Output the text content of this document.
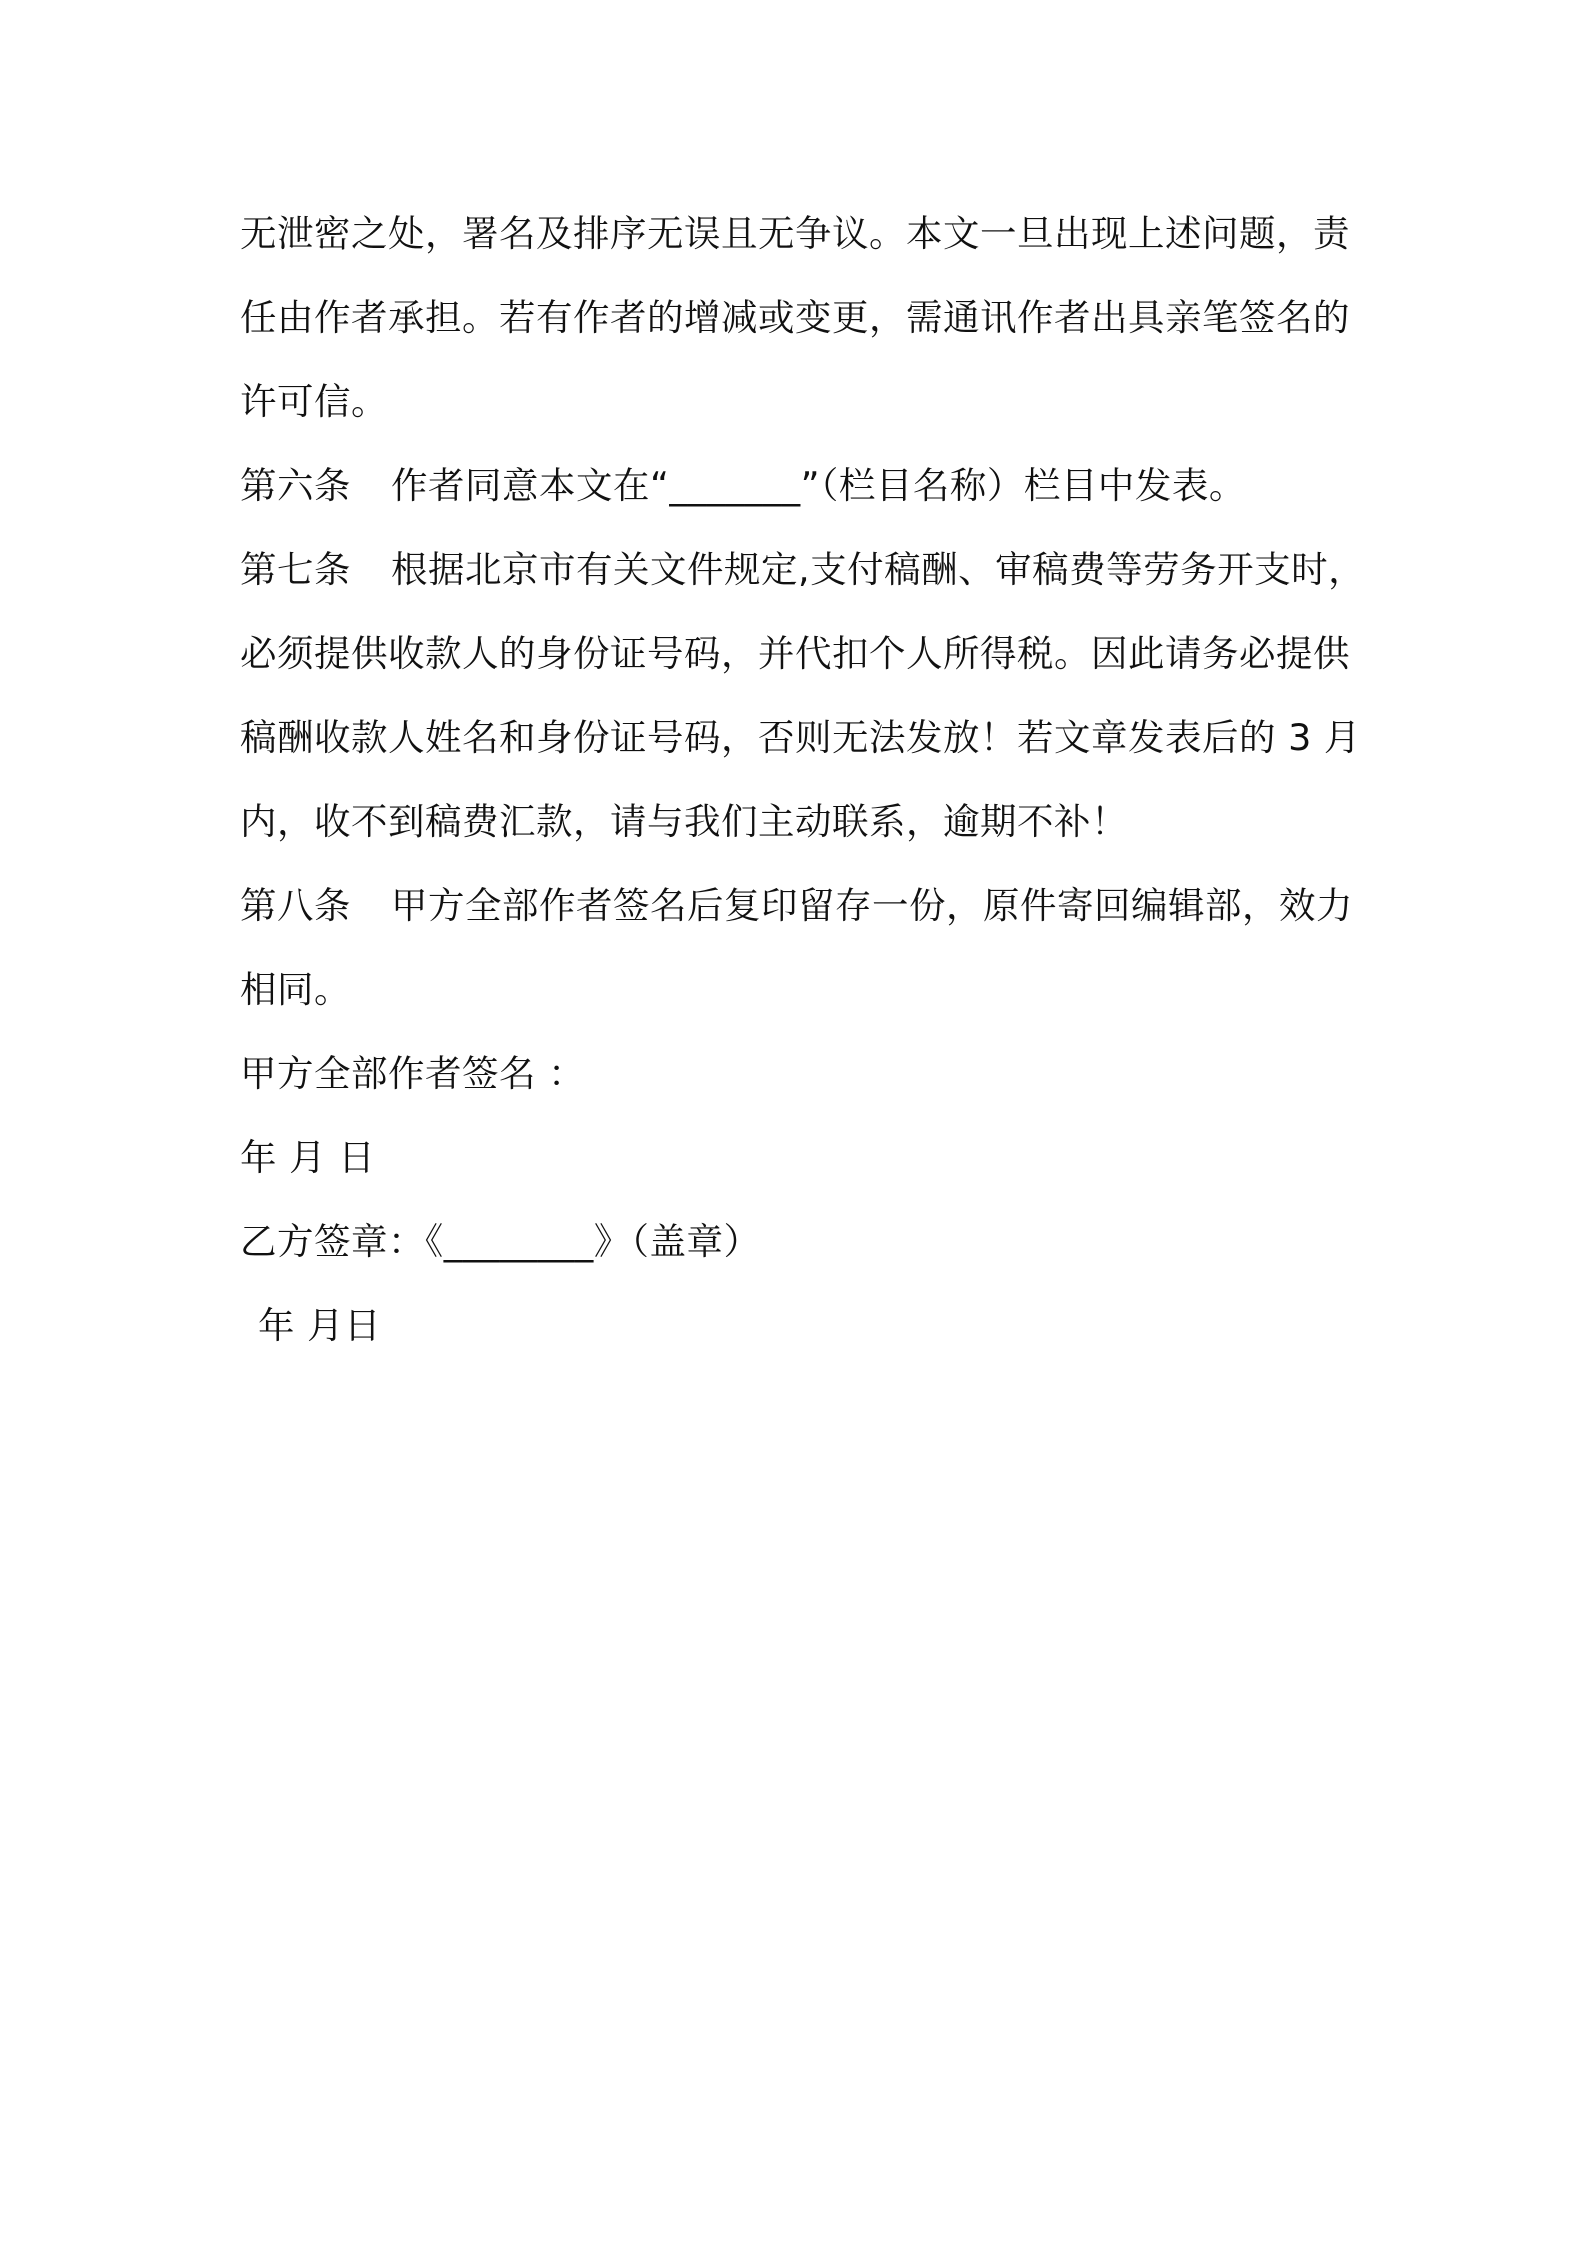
无泄密之处，署名及排序无误且无争议。本文一旦出现上述问题，责
任由作者承担。若有作者的增减或变更，需通讯作者出具亲笔签名的
许可信。
第六条 作者同意本文在“_______”（栏目名称）栏目中发表。
第七条 根据北京市有关文件规定,支付稿酬、审稿费等劳务开支时，
必须提供收款人的身份证号码，并代扣个人所得税。因此请务必提供
稿酬收款人姓名和身份证号码，否则无法发放！若文章发表后的 3 月
内，收不到稿费汇款，请与我们主动联系，逾期不补！
第八条 甲方全部作者签名后复印留存一份，原件寄回编辑部，效力
相同。
甲方全部作者签名 ：
年 月 日
乙方签章：《________》（盖章）
年 月日
